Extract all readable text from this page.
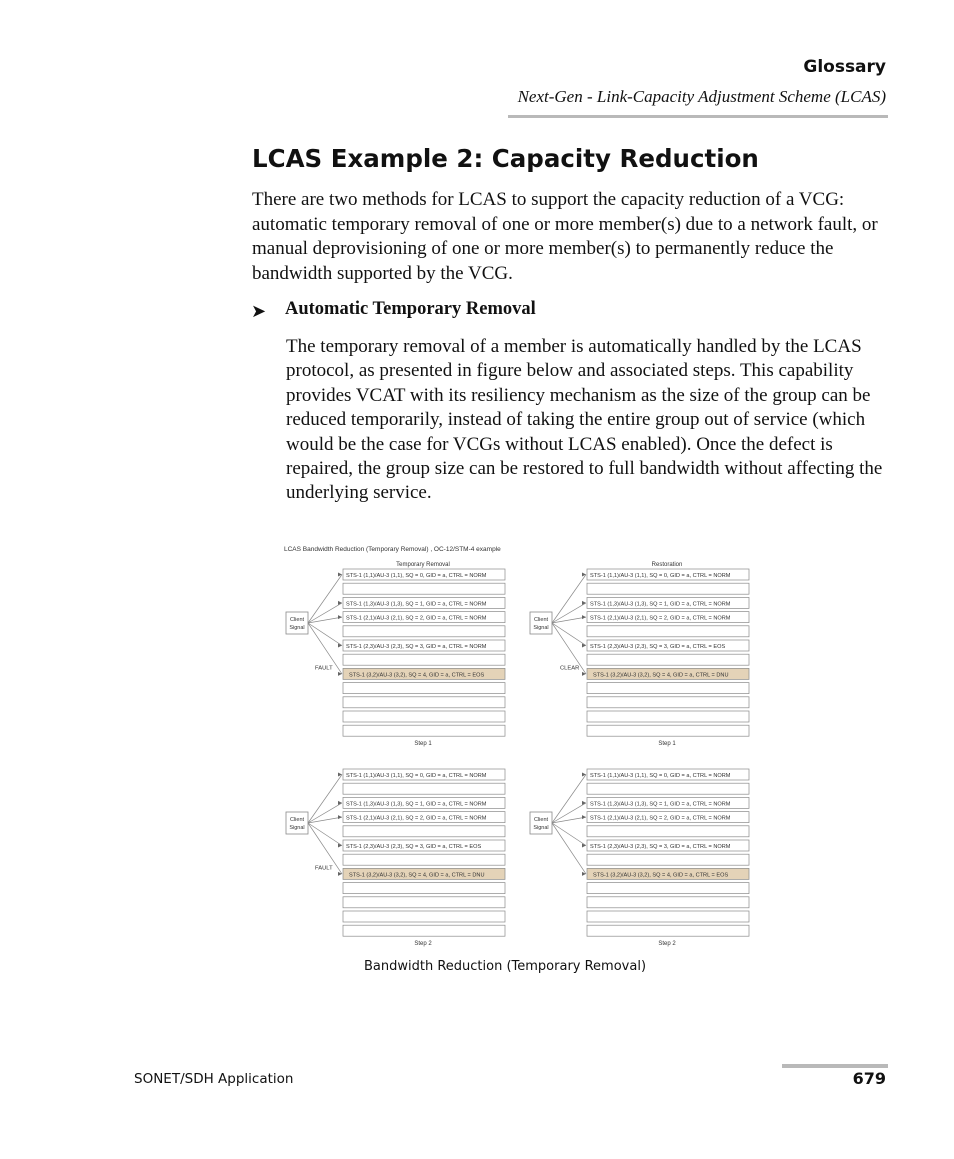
Glossary
Next-Gen - Link-Capacity Adjustment Scheme (LCAS)
LCAS Example 2: Capacity Reduction
There are two methods for LCAS to support the capacity reduction of a VCG: automatic temporary removal of one or more member(s) due to a network fault, or manual deprovisioning of one or more member(s) to permanently reduce the bandwidth supported by the VCG.
➤ Automatic Temporary Removal
The temporary removal of a member is automatically handled by the LCAS protocol, as presented in figure below and associated steps. This capability provides VCAT with its resiliency mechanism as the size of the group can be reduced temporarily, instead of taking the entire group out of service (which would be the case for VCGs without LCAS enabled). Once the defect is repaired, the group size can be restored to full bandwidth without affecting the underlying service.
LCAS Bandwidth Reduction (Temporary Removal) , OC-12/STM-4 example
Temporary Removal
Client
Signal
STS-1 (1,1)/AU-3 (1,1), SQ = 0, GID = a, CTRL = NORM
STS-1 (1,3)/AU-3 (1,3), SQ = 1, GID = a, CTRL = NORM
STS-1 (2,1)/AU-3 (2,1), SQ = 2, GID = a, CTRL = NORM
STS-1 (2,3)/AU-3 (2,3), SQ = 3, GID = a, CTRL = NORM
STS-1 (3,2)/AU-3 (3,2), SQ = 4, GID = a, CTRL = EOS
FAULT
Step 1
Restoration
Client
Signal
STS-1 (1,1)/AU-3 (1,1), SQ = 0, GID = a, CTRL = NORM
STS-1 (1,3)/AU-3 (1,3), SQ = 1, GID = a, CTRL = NORM
STS-1 (2,1)/AU-3 (2,1), SQ = 2, GID = a, CTRL = NORM
STS-1 (2,3)/AU-3 (2,3), SQ = 3, GID = a, CTRL = EOS
STS-1 (3,2)/AU-3 (3,2), SQ = 4, GID = a, CTRL = DNU
CLEAR
Step 1
Client
Signal
STS-1 (1,1)/AU-3 (1,1), SQ = 0, GID = a, CTRL = NORM
STS-1 (1,3)/AU-3 (1,3), SQ = 1, GID = a, CTRL = NORM
STS-1 (2,1)/AU-3 (2,1), SQ = 2, GID = a, CTRL = NORM
STS-1 (2,3)/AU-3 (2,3), SQ = 3, GID = a, CTRL = EOS
STS-1 (3,2)/AU-3 (3,2), SQ = 4, GID = a, CTRL = DNU
FAULT
Step 2
Client
Signal
STS-1 (1,1)/AU-3 (1,1), SQ = 0, GID = a, CTRL = NORM
STS-1 (1,3)/AU-3 (1,3), SQ = 1, GID = a, CTRL = NORM
STS-1 (2,1)/AU-3 (2,1), SQ = 2, GID = a, CTRL = NORM
STS-1 (2,3)/AU-3 (2,3), SQ = 3, GID = a, CTRL = NORM
STS-1 (3,2)/AU-3 (3,2), SQ = 4, GID = a, CTRL = EOS
Step 2
Bandwidth Reduction (Temporary Removal)
SONET/SDH Application	679
